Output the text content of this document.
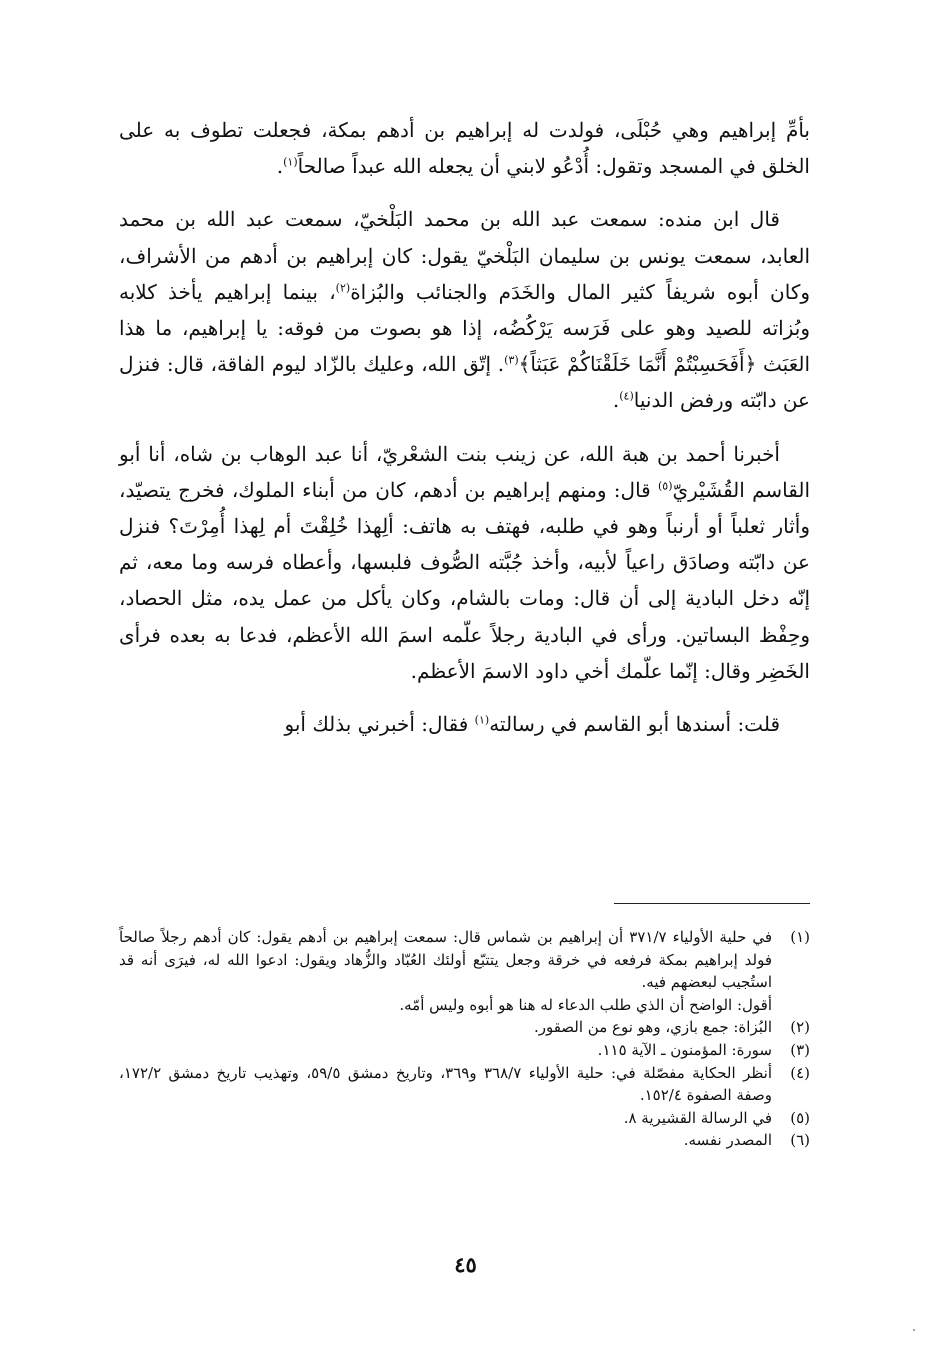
بأمِّ إبراهيم وهي حُبْلَى، فولدت له إبراهيم بن أدهم بمكة، فجعلت تطوف به على الخلق في المسجد وتقول: أُدْعُو لابني أن يجعله الله عبداً صالحاً$^{(١)}$.

قال ابن منده: سمعت عبد الله بن محمد البَلْخيّ، سمعت عبد الله بن محمد العابد، سمعت يونس بن سليمان البَلْخيّ يقول: كان إبراهيم بن أدهم من الأشراف، وكان أبوه شريفاً كثير المال والخَدَم والجنائب والبُزاة$^{(٢)}$، بينما إبراهيم يأخذ كلابه وبُزاته للصيد وهو على فَرَسه يَرْكُضُه، إذا هو بصوت من فوقه: يا إبراهيم، ما هذا العَبَث ﴿أَفَحَسِبْتُمْ أَنَّمَا خَلَقْنَاكُمْ عَبَثاً﴾$^{(٣)}$. إتّق الله، وعليك بالزّاد ليوم الفاقة، قال: فنزل عن دابّته ورفض الدنيا$^{(٤)}$.

أخبرنا أحمد بن هبة الله، عن زينب بنت الشعْريّ، أنا عبد الوهاب بن شاه، أنا أبو القاسم القُشَيْريّ$^{(٥)}$ قال: ومنهم إبراهيم بن أدهم، كان من أبناء الملوك، فخرج يتصيّد، وأثار ثعلباً أو أرنباً وهو في طلبه، فهتف به هاتف: ألِهذا خُلِقْتَ أم لِهذا أُمِرْتَ؟ فنزل عن دابّته وصادَق راعياً لأبيه، وأخذ جُبَّته الصُّوف فلبسها، وأعطاه فرسه وما معه، ثم إنّه دخل البادية إلى أن قال: ومات بالشام، وكان يأكل من عمل يده، مثل الحصاد، وحِفْظ البساتين. ورأى في البادية رجلاً علّمه اسمَ الله الأعظم، فدعا به بعده فرأى الخَضِر وقال: إنّما علّمك أخي داود الاسمَ الأعظم.

قلت: أسندها أبو القاسم في رسالته$^{(١)}$ فقال: أخبرني بذلك أبو

(١)
في حلية الأولياء ٣٧١/٧ أن إبراهيم بن شماس قال: سمعت إبراهيم بن أدهم يقول: كان أدهم رجلاً صالحاً فولد إبراهيم بمكة فرفعه في خرقة وجعل يتتبّع أولئك العُبّاد والزُّهاد ويقول: ادعوا الله له، فيرَى أنه قد استُجيب لبعضهم فيه.
أقول: الواضح أن الذي طلب الدعاء له هنا هو أبوه وليس أمّه.
(٢)
البُزاة: جمع بازي، وهو نوع من الصقور.
(٣)
سورة: المؤمنون ـ الآية ١١٥.
(٤)
أنظر الحكاية مفصّلة في: حلية الأولياء ٣٦٨/٧ و٣٦٩، وتاريخ دمشق ٥٩/٥، وتهذيب تاريخ دمشق ١٧٢/٢، وصفة الصفوة ١٥٢/٤.
(٥)
في الرسالة القشيرية ٨.
(٦)
المصدر نفسه.
٤٥
